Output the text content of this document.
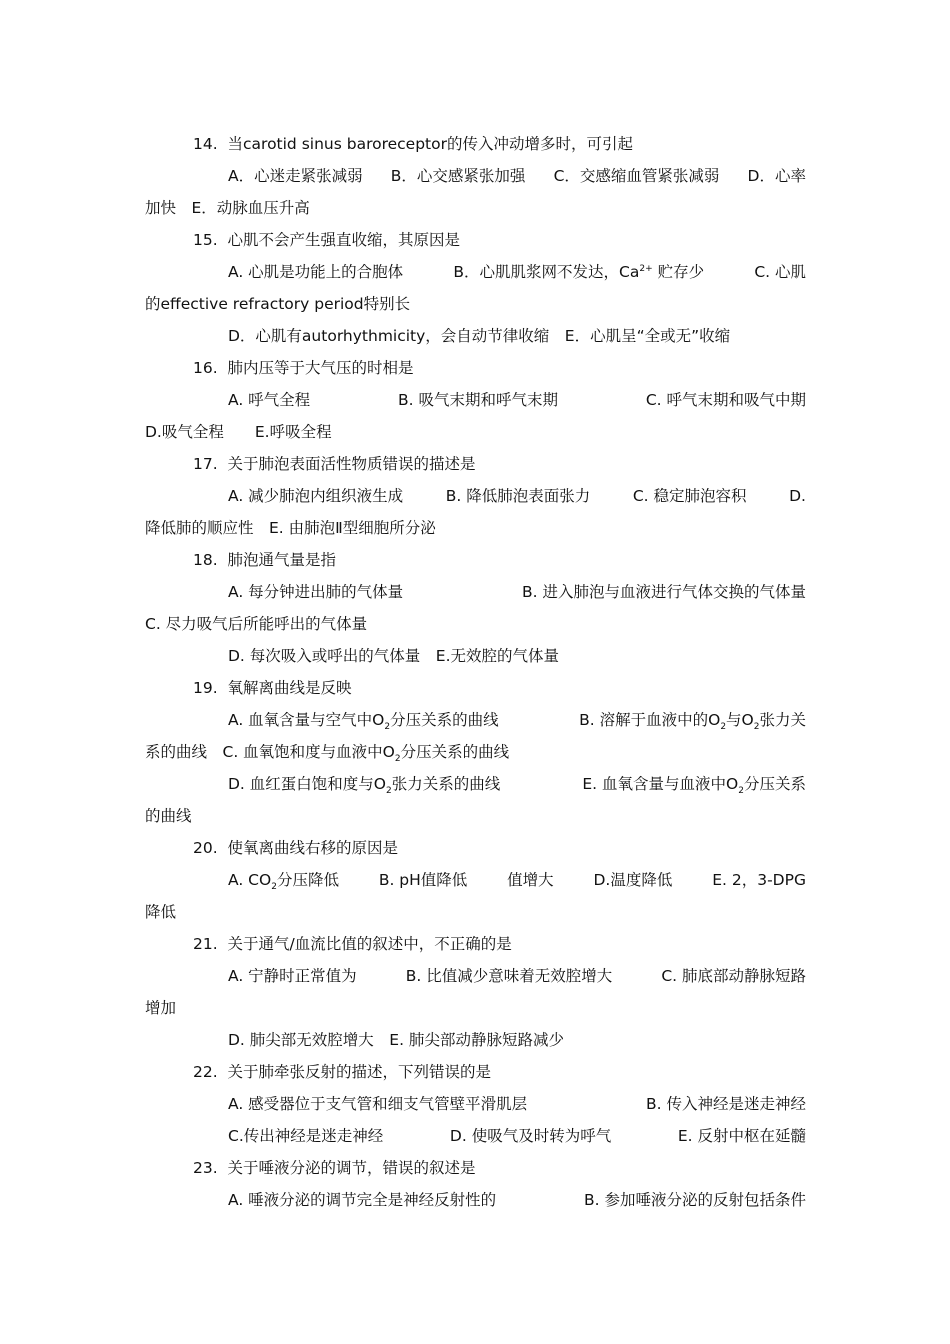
14. 当carotid sinus baroreceptor的传入冲动增多时，可引起
A．心迷走紧张减弱 B．心交感紧张加强 C．交感缩血管紧张减弱 D．心率
加快　E．动脉血压升高
15. 心肌不会产生强直收缩，其原因是
A. 心肌是功能上的合胞体	B．心肌肌浆网不发达，$Ca^{2+}$ 贮存少	C. 心肌
的effective refractory period特别长
D．心肌有autorhythmicity，会自动节律收缩　E．心肌呈“全或无”收缩
16. 肺内压等于大气压的时相是
A. 呼气全程	B. 吸气末期和呼气末期	C. 呼气末期和吸气中期
D.吸气全程　　E.呼吸全程
17. 关于肺泡表面活性物质错误的描述是
A. 减少肺泡内组织液生成	B. 降低肺泡表面张力	C. 稳定肺泡容积	D.
降低肺的顺应性　E. 由肺泡Ⅱ型细胞所分泌
18. 肺泡通气量是指
A. 每分钟进出肺的气体量	B. 进入肺泡与血液进行气体交换的气体量
C. 尽力吸气后所能呼出的气体量
D. 每次吸入或呼出的气体量　E.无效腔的气体量
19. 氧解离曲线是反映
A. 血氧含量与空气中$O_2$分压关系的曲线	B. 溶解于血液中的$O_2$与$O_2$张力关
系的曲线　C. 血氧饱和度与血液中$O_2$分压关系的曲线
D. 血红蛋白饱和度与$O_2$张力关系的曲线	E. 血氧含量与血液中$O_2$分压关系
的曲线
20. 使氧离曲线右移的原因是
A. $CO_2$分压降低	B. pH值降低	值增大	D.温度降低	E. 2，3-DPG
降低
21. 关于通气/血流比值的叙述中，不正确的是
A. 宁静时正常值为	B. 比值减少意味着无效腔增大	C. 肺底部动静脉短路
增加
D. 肺尖部无效腔增大　E. 肺尖部动静脉短路减少
22. 关于肺牵张反射的描述，下列错误的是
A. 感受器位于支气管和细支气管壁平滑肌层	B. 传入神经是迷走神经
C.传出神经是迷走神经	D. 使吸气及时转为呼气	E. 反射中枢在延髓
23. 关于唾液分泌的调节，错误的叙述是
A. 唾液分泌的调节完全是神经反射性的	B. 参加唾液分泌的反射包括条件
